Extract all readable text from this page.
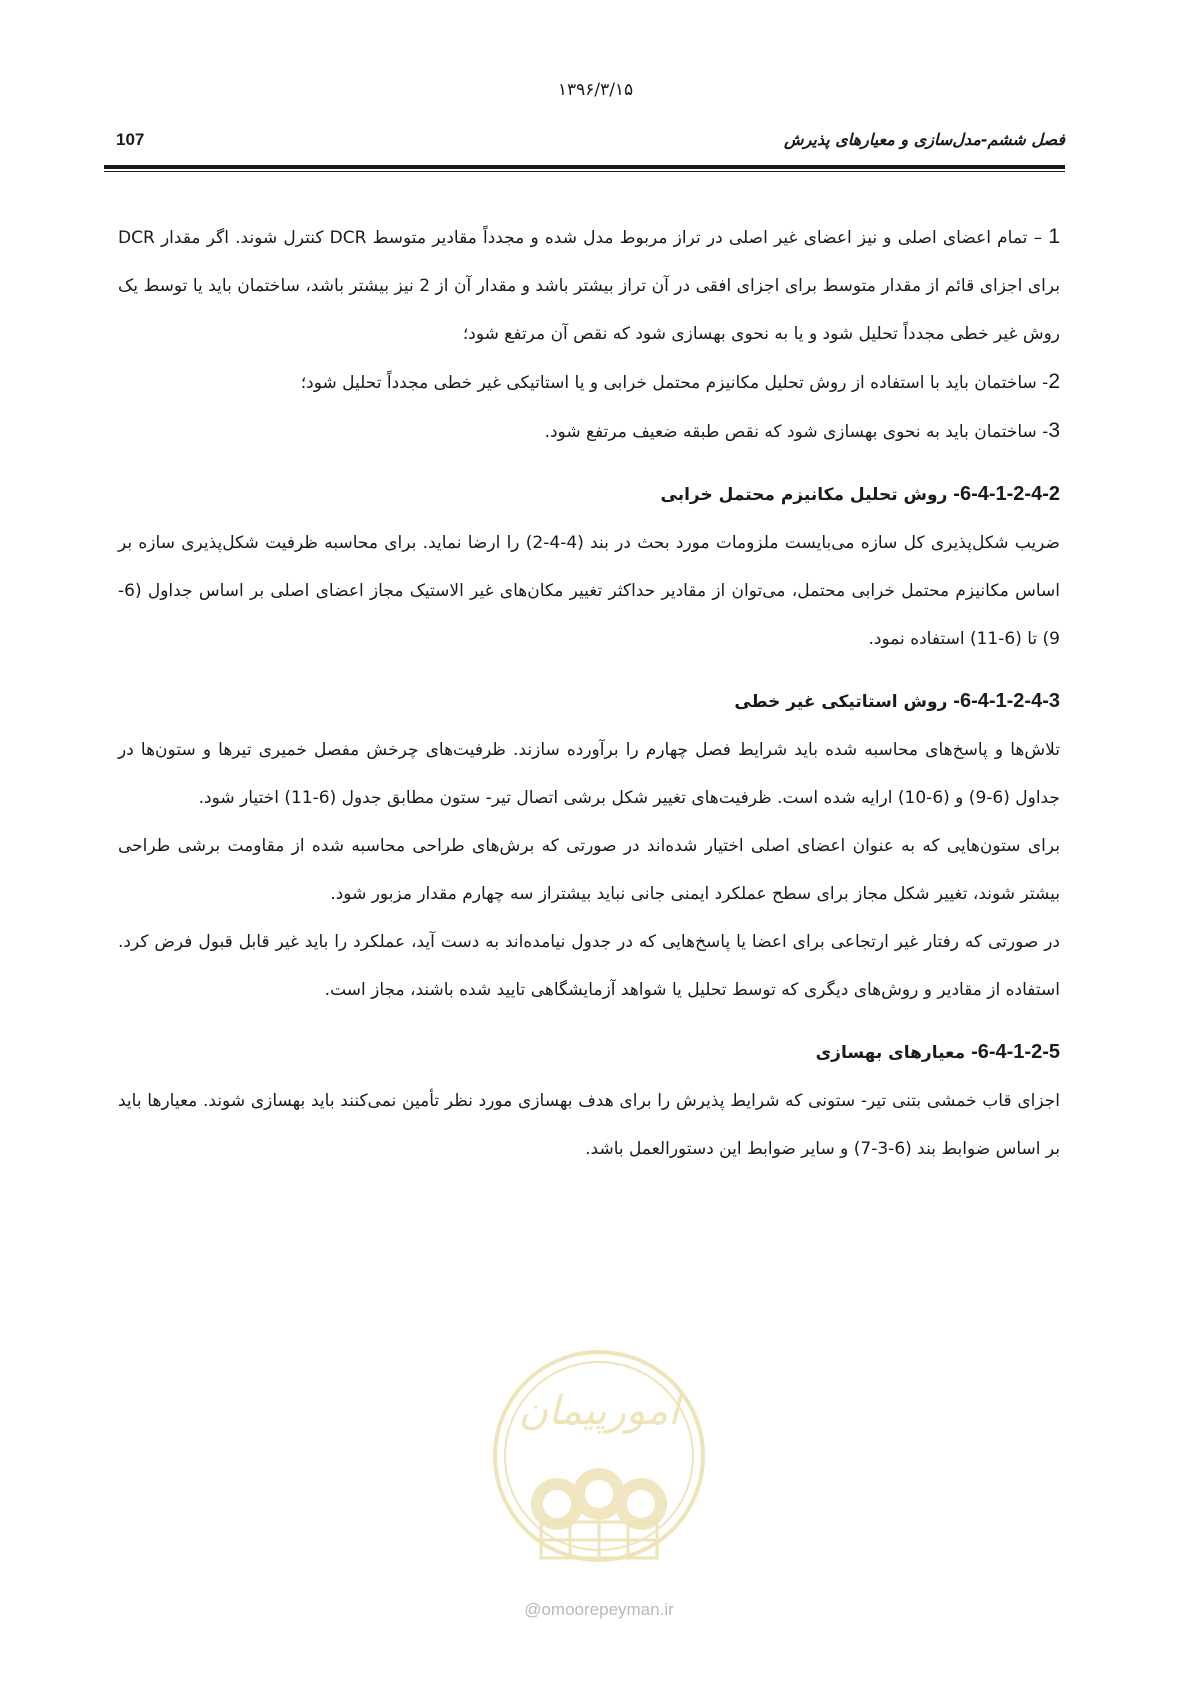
۱۳۹۶/۳/۱۵
107	فصل ششم-مدل‌سازی و معیارهای پذیرش

1 – تمام اعضای اصلی و نیز اعضای غیر اصلی در تراز مربوط مدل شده و مجدداً مقادیر متوسط DCR کنترل شوند. اگر مقدار DCR برای اجزای قائم از مقدار متوسط برای اجزای افقی در آن تراز بیشتر باشد و مقدار آن از 2 نیز بیشتر باشد، ساختمان باید یا توسط یک روش غیر خطی مجدداً تحلیل شود و یا به نحوی بهسازی شود که نقص آن مرتفع شود؛

2- ساختمان باید با استفاده از روش تحلیل مکانیزم محتمل خرابی و یا استاتیکی غیر خطی مجدداً تحلیل شود؛

3- ساختمان باید به نحوی بهسازی شود که نقص طبقه ضعیف مرتفع شود.

6-4-1-2-4-2- روش تحلیل مکانیزم محتمل خرابی

ضریب شکل‌پذیری کل سازه می‌بایست ملزومات مورد بحث در بند (4-4-2) را ارضا نماید. برای محاسبه ظرفیت شکل‌پذیری سازه بر اساس مکانیزم محتمل خرابی محتمل، می‌توان از مقادیر حداکثر تغییر مکان‌های غیر الاستیک مجاز اعضای اصلی بر اساس جداول (6-9) تا (6-11) استفاده نمود.

6-4-1-2-4-3- روش استاتیکی غیر خطی

تلاش‌ها و پاسخ‌های محاسبه شده باید شرایط فصل چهارم را برآورده سازند. ظرفیت‌های چرخش مفصل خمیری تیرها و ستون‌ها در جداول (6-9) و (6-10) ارایه شده است. ظرفیت‌های تغییر شکل برشی اتصال تیر- ستون مطابق جدول (6-11) اختیار شود.

برای ستون‌هایی که به عنوان اعضای اصلی اختیار شده‌اند در صورتی که برش‌های طراحی محاسبه شده از مقاومت برشی طراحی بیشتر شوند، تغییر شکل مجاز برای سطح عملکرد ایمنی جانی نباید بیشتراز سه چهارم مقدار مزبور شود.

در صورتی که رفتار غیر ارتجاعی برای اعضا یا پاسخ‌هایی که در جدول نیامده‌اند به دست آید، عملکرد را باید غیر قابل قبول فرض کرد. استفاده از مقادیر و روش‌های دیگری که توسط تحلیل یا شواهد آزمایشگاهی تایید شده باشند، مجاز است.

6-4-1-2-5- معیارهای بهسازی

اجزای قاب خمشی بتنی تیر- ستونی که شرایط پذیرش را برای هدف بهسازی مورد نظر تأمین نمی‌کنند باید بهسازی شوند. معیارها باید بر اساس ضوابط بند (6-3-7) و سایر ضوابط این دستورالعمل باشد.

امورپیمان
@omoorepeyman.ir
